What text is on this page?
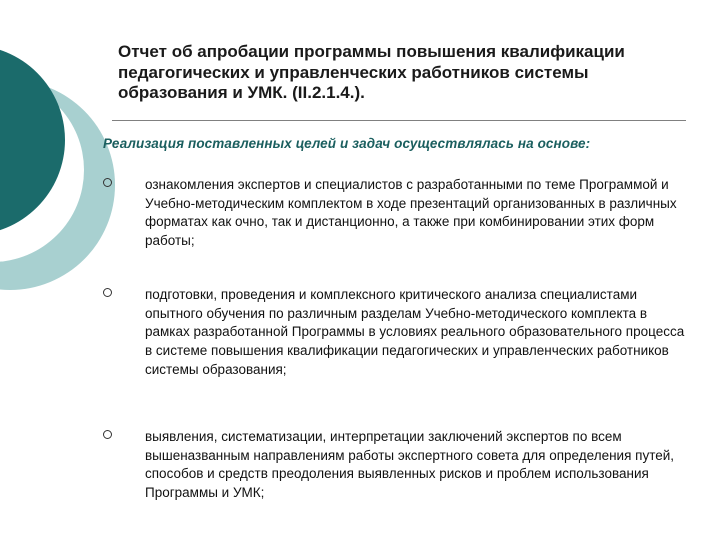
Отчет об апробации программы повышения квалификации педагогических и управленческих работников системы образования и УМК. (II.2.1.4.).

Реализация поставленных целей и задач осуществлялась на основе:

ознакомления экспертов и специалистов с разработанными по теме Программой и Учебно-методическим комплектом в ходе презентаций организованных в различных форматах как очно, так и дистанционно, а также при комбинировании этих форм работы;

подготовки, проведения и комплексного критического анализа специалистами опытного обучения по различным разделам Учебно-методического комплекта в рамках разработанной Программы в условиях реального образовательного процесса в системе повышения квалификации педагогических и управленческих работников системы образования;

выявления, систематизации, интерпретации заключений экспертов по всем вышеназванным направлениям работы экспертного совета для определения путей, способов и средств преодоления выявленных рисков и проблем использования Программы и УМК;
